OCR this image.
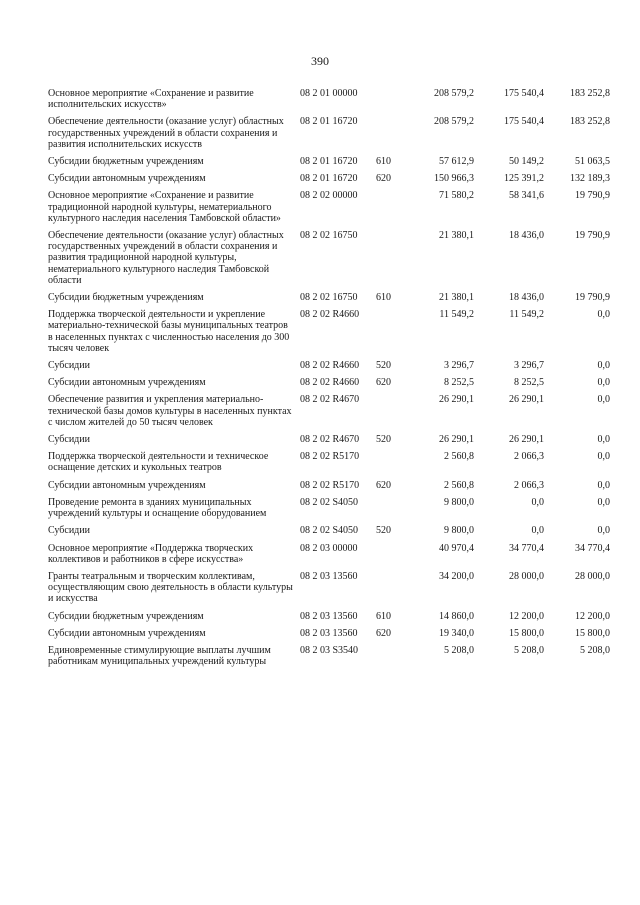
390
Основное мероприятие «Сохранение и развитие исполнительских искусств»	08 2 01 00000		208 579,2	175 540,4	183 252,8
Обеспечение деятельности (оказание услуг) областных государственных учреждений в области сохранения и развития исполнительских искусств	08 2 01 16720		208 579,2	175 540,4	183 252,8
Субсидии бюджетным учреждениям	08 2 01 16720	610	57 612,9	50 149,2	51 063,5
Субсидии автономным учреждениям	08 2 01 16720	620	150 966,3	125 391,2	132 189,3
Основное мероприятие «Сохранение и развитие традиционной народной культуры, нематериального культурного наследия населения Тамбовской области»	08 2 02 00000		71 580,2	58 341,6	19 790,9
Обеспечение деятельности (оказание услуг) областных государственных учреждений в области сохранения и развития традиционной народной культуры, нематериального культурного наследия Тамбовской области	08 2 02 16750		21 380,1	18 436,0	19 790,9
Субсидии бюджетным учреждениям	08 2 02 16750	610	21 380,1	18 436,0	19 790,9
Поддержка творческой деятельности и укрепление материально-технической базы муниципальных театров в населенных пунктах с численностью населения до 300 тысяч человек	08 2 02 R4660		11 549,2	11 549,2	0,0
Субсидии	08 2 02 R4660	520	3 296,7	3 296,7	0,0
Субсидии автономным учреждениям	08 2 02 R4660	620	8 252,5	8 252,5	0,0
Обеспечение развития и укрепления материально-технической базы домов культуры в населенных пунктах с числом жителей до 50 тысяч человек	08 2 02 R4670		26 290,1	26 290,1	0,0
Субсидии	08 2 02 R4670	520	26 290,1	26 290,1	0,0
Поддержка творческой деятельности и техническое оснащение детских и кукольных театров	08 2 02 R5170		2 560,8	2 066,3	0,0
Субсидии автономным учреждениям	08 2 02 R5170	620	2 560,8	2 066,3	0,0
Проведение ремонта в зданиях муниципальных учреждений культуры и оснащение оборудованием	08 2 02 S4050		9 800,0	0,0	0,0
Субсидии	08 2 02 S4050	520	9 800,0	0,0	0,0
Основное мероприятие «Поддержка творческих коллективов и работников в сфере искусства»	08 2 03 00000		40 970,4	34 770,4	34 770,4
Гранты театральным и творческим коллективам, осуществляющим свою деятельность в области культуры и искусства	08 2 03 13560		34 200,0	28 000,0	28 000,0
Субсидии бюджетным учреждениям	08 2 03 13560	610	14 860,0	12 200,0	12 200,0
Субсидии автономным учреждениям	08 2 03 13560	620	19 340,0	15 800,0	15 800,0
Единовременные стимулирующие выплаты лучшим работникам муниципальных учреждений культуры	08 2 03 S3540		5 208,0	5 208,0	5 208,0
